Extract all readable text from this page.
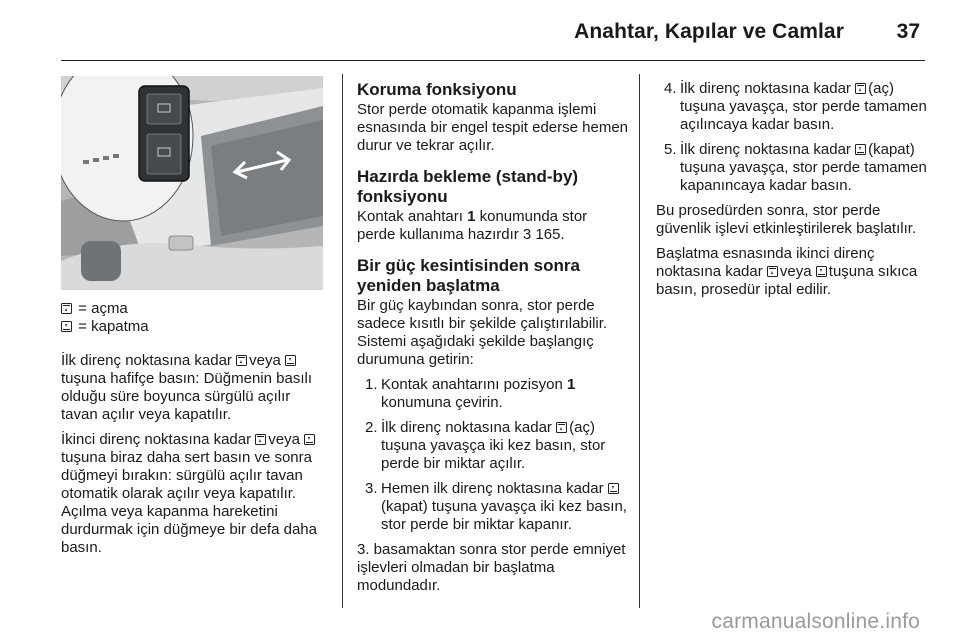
Anahtar, Kapılar ve Camlar	37
= açma
= kapatma

İlk direnç noktasına kadar veya tuşuna hafifçe basın: Düğmenin basılı olduğu süre boyunca sürgülü açılır tavan açılır veya kapatılır.

İkinci direnç noktasına kadar veya tuşuna biraz daha sert basın ve sonra düğmeyi bırakın: sürgülü açılır tavan otomatik olarak açılır veya kapatılır. Açılma veya kapanma hareketini durdurmak için düğmeye bir defa daha basın.

Koruma fonksiyonu

Stor perde otomatik kapanma işlemi esnasında bir engel tespit ederse hemen durur ve tekrar açılır.

Hazırda bekleme (stand-by) fonksiyonu

Kontak anahtarı 1 konumunda stor perde kullanıma hazırdır 3 165.

Bir güç kesintisinden sonra yeniden başlatma

Bir güç kaybından sonra, stor perde sadece kısıtlı bir şekilde çalıştırılabilir. Sistemi aşağıdaki şekilde başlangıç durumuna getirin:

1. Kontak anahtarını pozisyon 1 konumuna çevirin.
2. İlk direnç noktasına kadar (aç) tuşuna yavaşça iki kez basın, stor perde bir miktar açılır.
3. Hemen ilk direnç noktasına kadar (kapat) tuşuna yavaşça iki kez basın, stor perde bir miktar kapanır.

3. basamaktan sonra stor perde emniyet işlevleri olmadan bir başlatma modundadır.

4. İlk direnç noktasına kadar (aç) tuşuna yavaşça, stor perde tamamen açılıncaya kadar basın.
5. İlk direnç noktasına kadar (kapat) tuşuna yavaşça, stor perde tamamen kapanıncaya kadar basın.

Bu prosedürden sonra, stor perde güvenlik işlevi etkinleştirilerek başlatılır.

Başlatma esnasında ikinci direnç noktasına kadar veya tuşuna sıkıca basın, prosedür iptal edilir.

carmanualsonline.info
